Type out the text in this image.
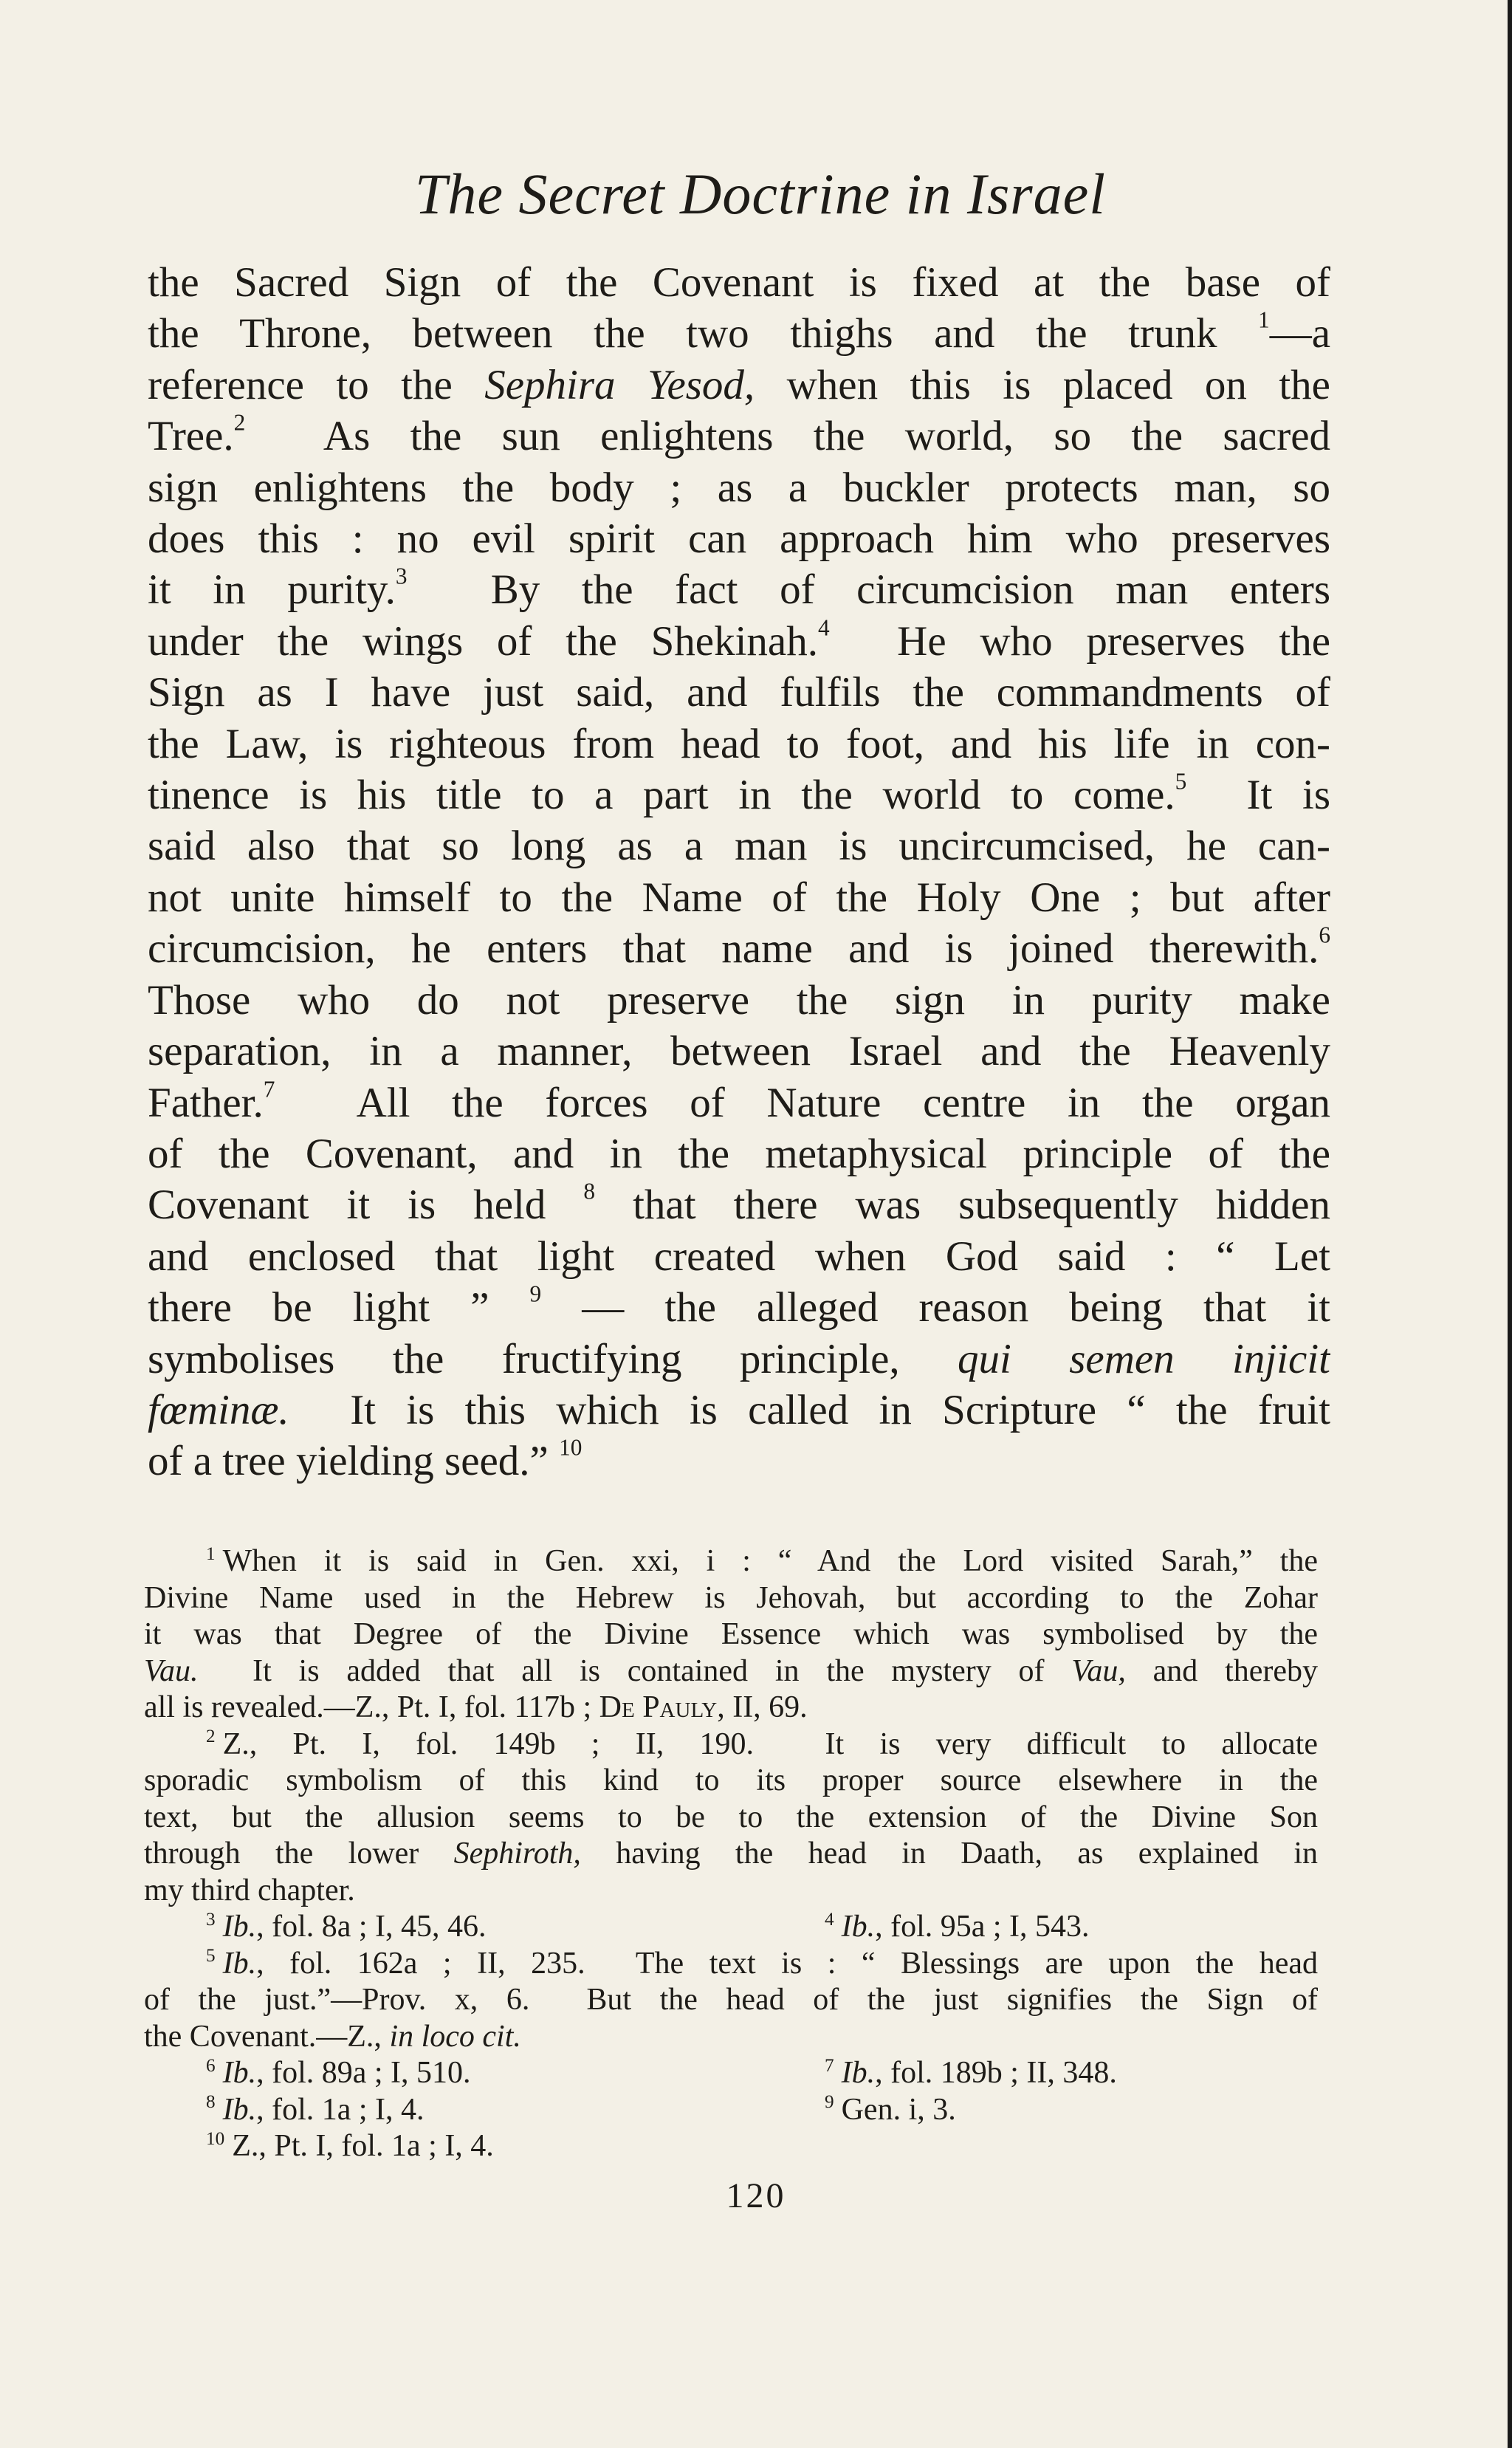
The Secret Doctrine in Israel
the Sacred Sign of the Covenant is fixed at the base of
the Throne, between the two thighs and the trunk $^1$—a
reference to the Sephira Yesod, when this is placed on the
Tree.$^2$  As the sun enlightens the world, so the sacred
sign enlightens the body ; as a buckler protects man, so
does this : no evil spirit can approach him who preserves
it in purity.$^3$  By the fact of circumcision man enters
under the wings of the Shekinah.$^4$  He who preserves the
Sign as I have just said, and fulfils the commandments of
the Law, is righteous from head to foot, and his life in con-
tinence is his title to a part in the world to come.$^5$  It is
said also that so long as a man is uncircumcised, he can-
not unite himself to the Name of the Holy One ; but after
circumcision, he enters that name and is joined therewith.$^6$
Those who do not preserve the sign in purity make
separation, in a manner, between Israel and the Heavenly
Father.$^7$  All the forces of Nature centre in the organ
of the Covenant, and in the metaphysical principle of the
Covenant it is held $^8$ that there was subsequently hidden
and enclosed that light created when God said : “ Let
there be light ” $^9$ — the alleged reason being that it
symbolises the fructifying principle, qui semen injicit
fœminæ.  It is this which is called in Scripture “ the fruit
of a tree yielding seed.” $^{10}$
$^1$ When it is said in Gen. xxi, i : “ And the Lord visited Sarah,” the
Divine Name used in the Hebrew is Jehovah, but according to the Zohar
it was that Degree of the Divine Essence which was symbolised by the
Vau.  It is added that all is contained in the mystery of Vau, and thereby
all is revealed.—Z., Pt. I, fol. 117b ; De Pauly, II, 69.
$^2$ Z., Pt. I, fol. 149b ; II, 190.  It is very difficult to allocate
sporadic symbolism of this kind to its proper source elsewhere in the
text, but the allusion seems to be to the extension of the Divine Son
through the lower Sephiroth, having the head in Daath, as explained in
my third chapter.
$^3$ Ib., fol. 8a ; I, 45, 46.	$^4$ Ib., fol. 95a ; I, 543.
$^5$ Ib., fol. 162a ; II, 235.  The text is : “ Blessings are upon the head
of the just.”—Prov. x, 6.  But the head of the just signifies the Sign of
the Covenant.—Z., in loco cit.
$^6$ Ib., fol. 89a ; I, 510.	$^7$ Ib., fol. 189b ; II, 348.
$^8$ Ib., fol. 1a ; I, 4.	$^9$ Gen. i, 3.
$^{10}$ Z., Pt. I, fol. 1a ; I, 4.
120
